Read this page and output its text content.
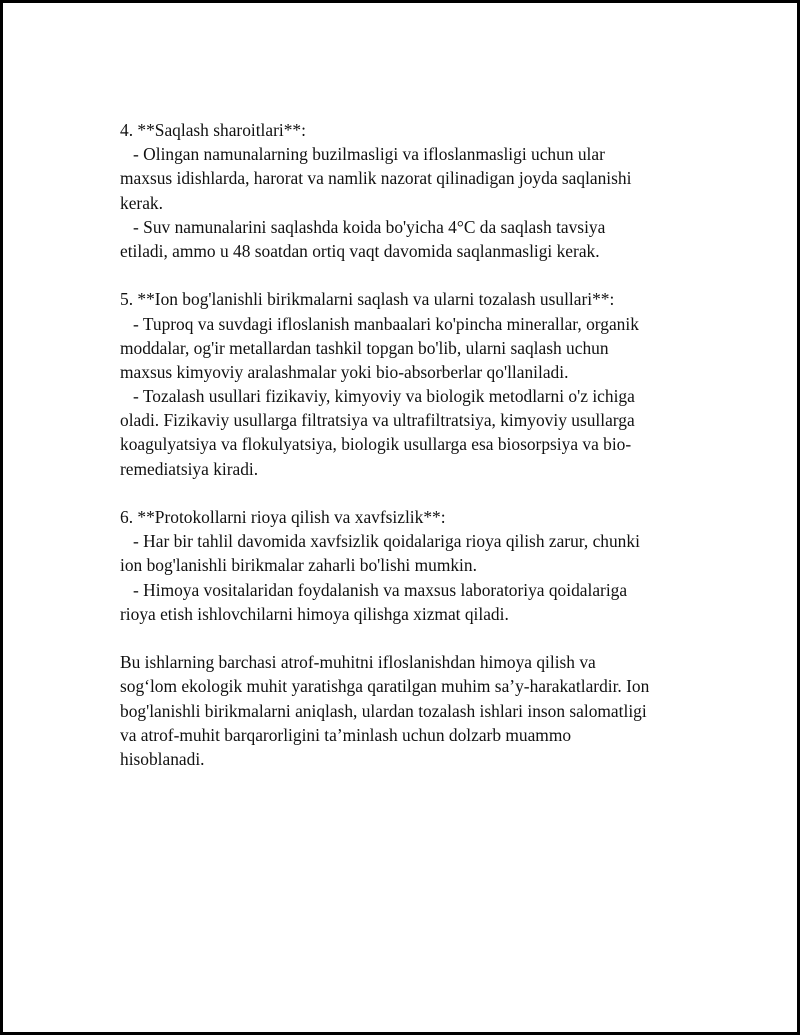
4. **Saqlash sharoitlari**:
- Olingan namunalarning buzilmasligi va ifloslanmasligi uchun ular
maxsus idishlarda, harorat va namlik nazorat qilinadigan joyda saqlanishi
kerak.
- Suv namunalarini saqlashda koida bo'yicha 4°C da saqlash tavsiya
etiladi, ammo u 48 soatdan ortiq vaqt davomida saqlanmasligi kerak.
5. **Ion bog'lanishli birikmalarni saqlash va ularni tozalash usullari**:
- Tuproq va suvdagi ifloslanish manbaalari ko'pincha minerallar, organik
moddalar, og'ir metallardan tashkil topgan bo'lib, ularni saqlash uchun
maxsus kimyoviy aralashmalar yoki bio-absorberlar qo'llaniladi.
- Tozalash usullari fizikaviy, kimyoviy va biologik metodlarni o'z ichiga
oladi. Fizikaviy usullarga filtratsiya va ultrafiltratsiya, kimyoviy usullarga
koagulyatsiya va flokulyatsiya, biologik usullarga esa biosorpsiya va bio-
remediatsiya kiradi.
6. **Protokollarni rioya qilish va xavfsizlik**:
- Har bir tahlil davomida xavfsizlik qoidalariga rioya qilish zarur, chunki
ion bog'lanishli birikmalar zaharli bo'lishi mumkin.
- Himoya vositalaridan foydalanish va maxsus laboratoriya qoidalariga
rioya etish ishlovchilarni himoya qilishga xizmat qiladi.
Bu ishlarning barchasi atrof-muhitni ifloslanishdan himoya qilish va
sog‘lom ekologik muhit yaratishga qaratilgan muhim sa’y-harakatlardir. Ion
bog'lanishli birikmalarni aniqlash, ulardan tozalash ishlari inson salomatligi
va atrof-muhit barqarorligini ta’minlash uchun dolzarb muammo
hisoblanadi.
